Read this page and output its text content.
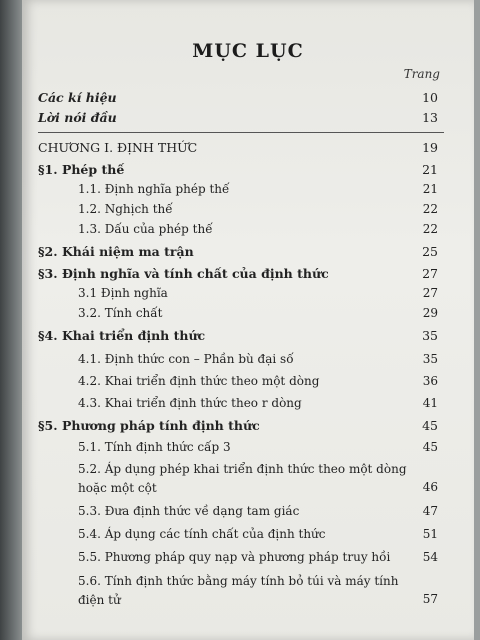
MỤC LỤC
Trang
Các kí hiệu	10
Lời nói đầu	13
CHƯƠNG I. ĐỊNH THỨC	19
§1. Phép thế	21
1.1. Định nghĩa phép thế	21
1.2. Nghịch thế	22
1.3. Dấu của phép thế	22
§2. Khái niệm ma trận	25
§3. Định nghĩa và tính chất của định thức	27
3.1 Định nghĩa	27
3.2. Tính chất	29
§4. Khai triển định thức	35
4.1. Định thức con – Phần bù đại số	35
4.2. Khai triển định thức theo một dòng	36
4.3. Khai triển định thức theo r dòng	41
§5. Phương pháp tính định thức	45
5.1. Tính định thức cấp 3	45
5.2. Áp dụng phép khai triển định thức theo một dòng hoặc một cột	46
5.3. Đưa định thức về dạng tam giác	47
5.4. Áp dụng các tính chất của định thức	51
5.5. Phương pháp quy nạp và phương pháp truy hồi	54
5.6. Tính định thức bằng máy tính bỏ túi và máy tính điện tử	57
